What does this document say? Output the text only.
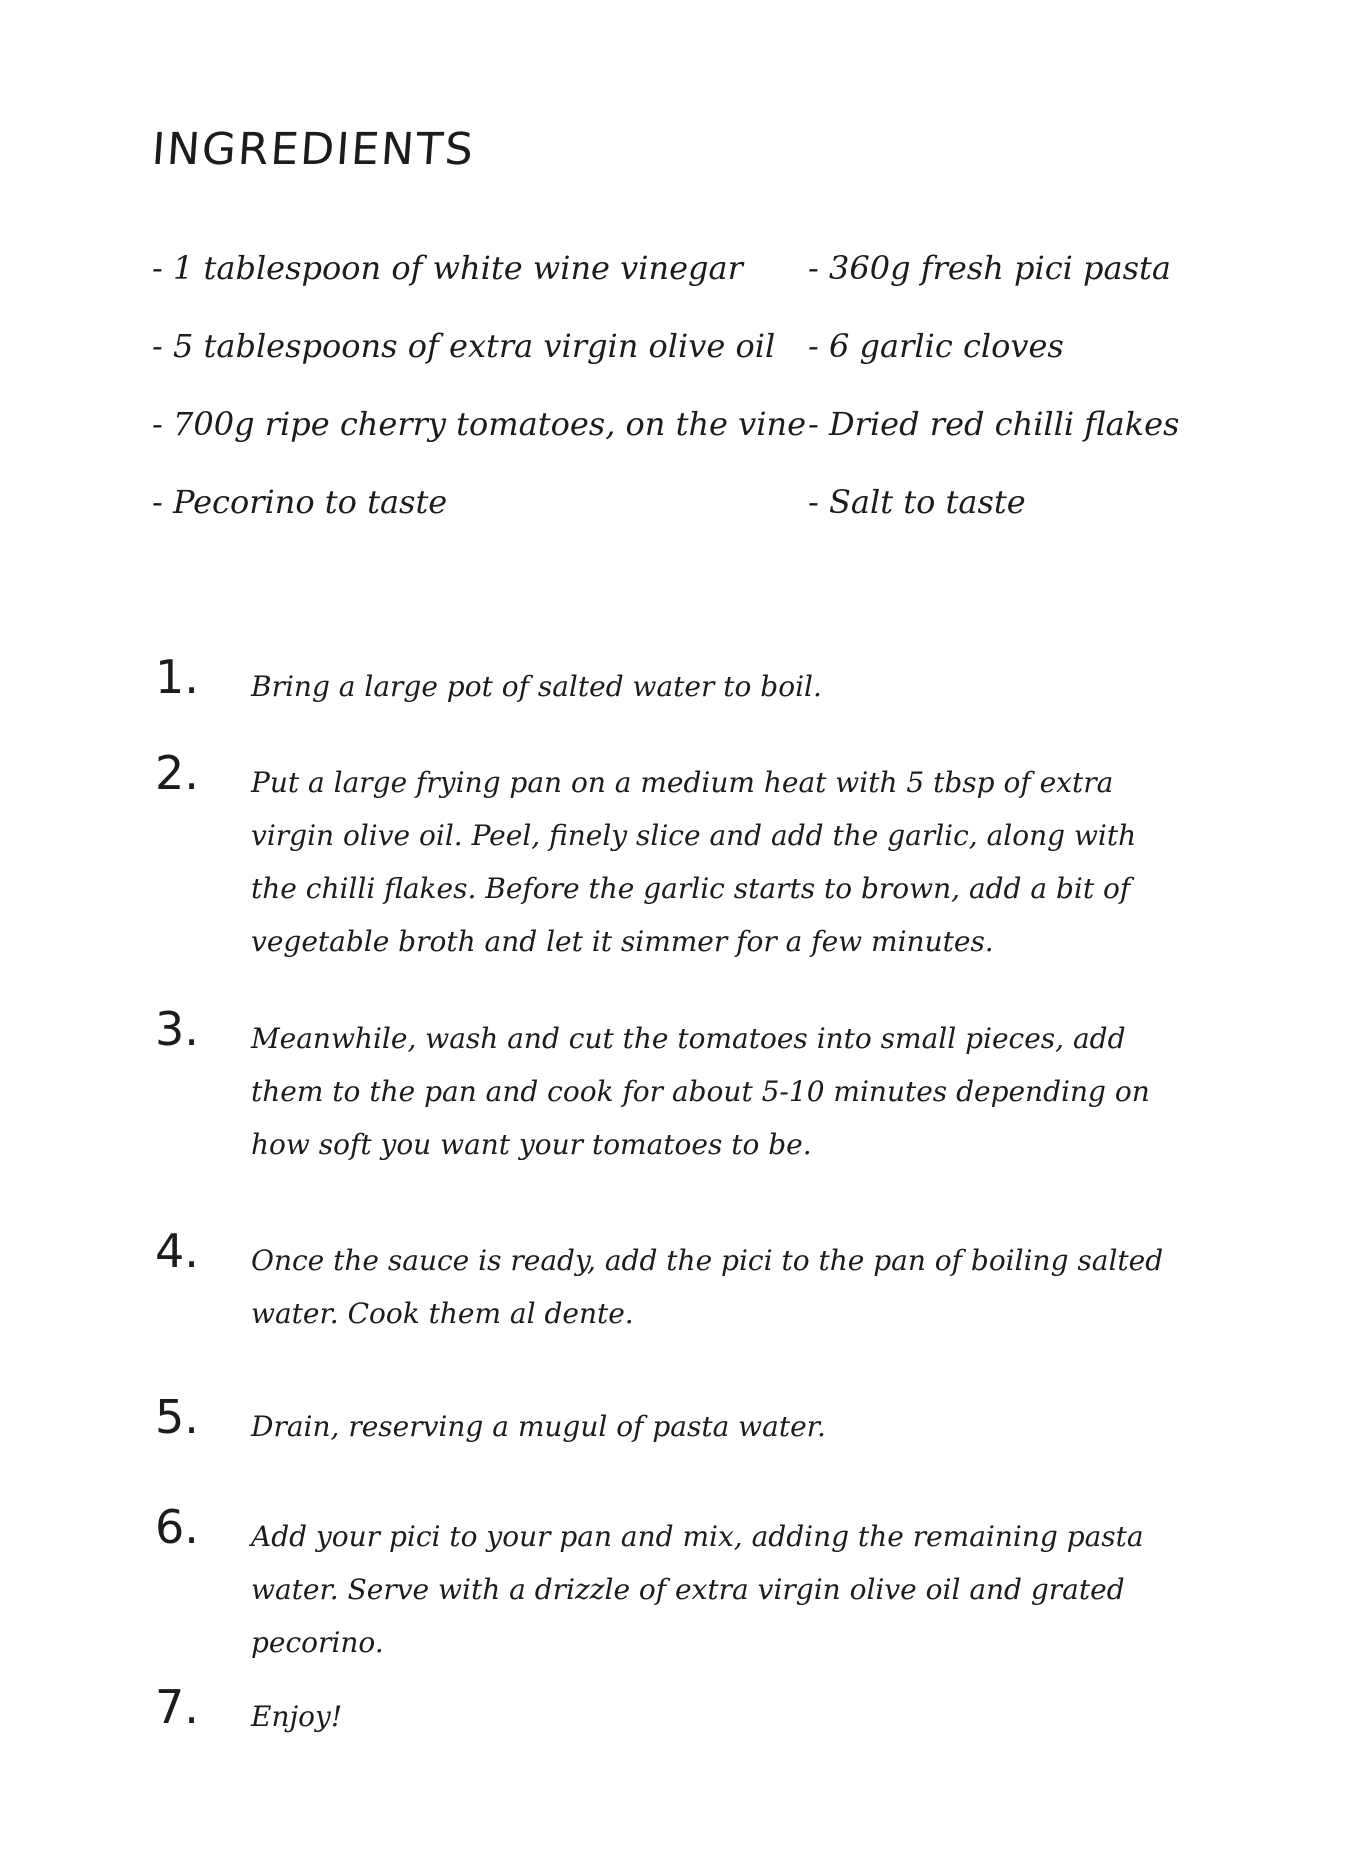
INGREDIENTS
- 1 tablespoon of white wine vinegar
- 5 tablespoons of extra virgin olive oil
- 700g ripe cherry tomatoes, on the vine
- Pecorino to taste
- 360g fresh pici pasta
- 6 garlic cloves
- Dried red chilli flakes
- Salt to taste
1. Bring a large pot of salted water to boil.
2. Put a large frying pan on a medium heat with 5 tbsp of extra virgin olive oil. Peel, finely slice and add the garlic, along with the chilli flakes. Before the garlic starts to brown, add a bit of vegetable broth and let it simmer for a few minutes.
3. Meanwhile, wash and cut the tomatoes into small pieces, add them to the pan and cook for about 5-10 minutes depending on how soft you want your tomatoes to be.
4. Once the sauce is ready, add the pici to the pan of boiling salted water. Cook them al dente.
5. Drain, reserving a mugul of pasta water.
6. Add your pici to your pan and mix, adding the remaining pasta water. Serve with a drizzle of extra virgin olive oil and grated pecorino.
7. Enjoy!
